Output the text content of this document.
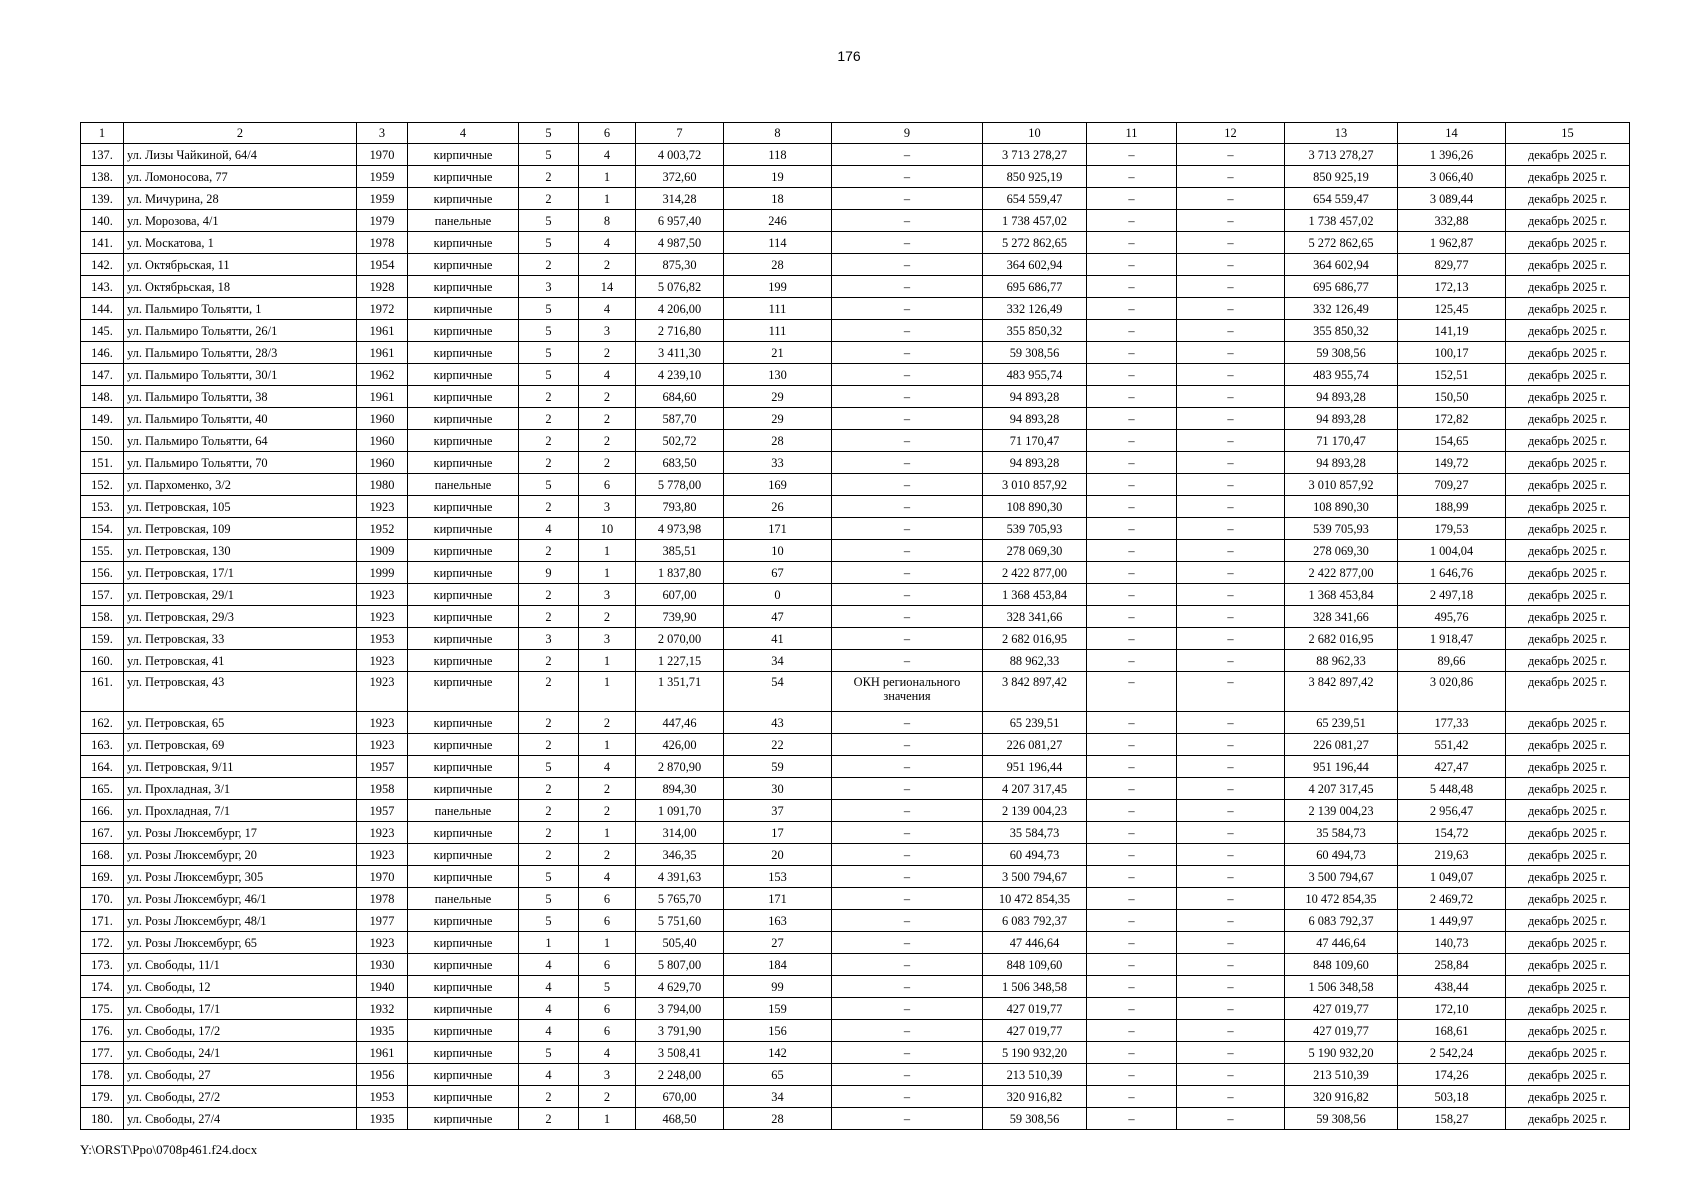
176
1	2	3	4	5	6	7	8	9	10	11	12	13	14	15
137.	ул. Лизы Чайкиной, 64/4	1970	кирпичные	5	4	4 003,72	118	–	3 713 278,27	–	–	3 713 278,27	1 396,26	декабрь 2025 г.
138.	ул. Ломоносова, 77	1959	кирпичные	2	1	372,60	19	–	850 925,19	–	–	850 925,19	3 066,40	декабрь 2025 г.
139.	ул. Мичурина, 28	1959	кирпичные	2	1	314,28	18	–	654 559,47	–	–	654 559,47	3 089,44	декабрь 2025 г.
140.	ул. Морозова, 4/1	1979	панельные	5	8	6 957,40	246	–	1 738 457,02	–	–	1 738 457,02	332,88	декабрь 2025 г.
141.	ул. Москатова, 1	1978	кирпичные	5	4	4 987,50	114	–	5 272 862,65	–	–	5 272 862,65	1 962,87	декабрь 2025 г.
142.	ул. Октябрьская, 11	1954	кирпичные	2	2	875,30	28	–	364 602,94	–	–	364 602,94	829,77	декабрь 2025 г.
143.	ул. Октябрьская, 18	1928	кирпичные	3	14	5 076,82	199	–	695 686,77	–	–	695 686,77	172,13	декабрь 2025 г.
144.	ул. Пальмиро Тольятти, 1	1972	кирпичные	5	4	4 206,00	111	–	332 126,49	–	–	332 126,49	125,45	декабрь 2025 г.
145.	ул. Пальмиро Тольятти, 26/1	1961	кирпичные	5	3	2 716,80	111	–	355 850,32	–	–	355 850,32	141,19	декабрь 2025 г.
146.	ул. Пальмиро Тольятти, 28/3	1961	кирпичные	5	2	3 411,30	21	–	59 308,56	–	–	59 308,56	100,17	декабрь 2025 г.
147.	ул. Пальмиро Тольятти, 30/1	1962	кирпичные	5	4	4 239,10	130	–	483 955,74	–	–	483 955,74	152,51	декабрь 2025 г.
148.	ул. Пальмиро Тольятти, 38	1961	кирпичные	2	2	684,60	29	–	94 893,28	–	–	94 893,28	150,50	декабрь 2025 г.
149.	ул. Пальмиро Тольятти, 40	1960	кирпичные	2	2	587,70	29	–	94 893,28	–	–	94 893,28	172,82	декабрь 2025 г.
150.	ул. Пальмиро Тольятти, 64	1960	кирпичные	2	2	502,72	28	–	71 170,47	–	–	71 170,47	154,65	декабрь 2025 г.
151.	ул. Пальмиро Тольятти, 70	1960	кирпичные	2	2	683,50	33	–	94 893,28	–	–	94 893,28	149,72	декабрь 2025 г.
152.	ул. Пархоменко, 3/2	1980	панельные	5	6	5 778,00	169	–	3 010 857,92	–	–	3 010 857,92	709,27	декабрь 2025 г.
153.	ул. Петровская, 105	1923	кирпичные	2	3	793,80	26	–	108 890,30	–	–	108 890,30	188,99	декабрь 2025 г.
154.	ул. Петровская, 109	1952	кирпичные	4	10	4 973,98	171	–	539 705,93	–	–	539 705,93	179,53	декабрь 2025 г.
155.	ул. Петровская, 130	1909	кирпичные	2	1	385,51	10	–	278 069,30	–	–	278 069,30	1 004,04	декабрь 2025 г.
156.	ул. Петровская, 17/1	1999	кирпичные	9	1	1 837,80	67	–	2 422 877,00	–	–	2 422 877,00	1 646,76	декабрь 2025 г.
157.	ул. Петровская, 29/1	1923	кирпичные	2	3	607,00	0	–	1 368 453,84	–	–	1 368 453,84	2 497,18	декабрь 2025 г.
158.	ул. Петровская, 29/3	1923	кирпичные	2	2	739,90	47	–	328 341,66	–	–	328 341,66	495,76	декабрь 2025 г.
159.	ул. Петровская, 33	1953	кирпичные	3	3	2 070,00	41	–	2 682 016,95	–	–	2 682 016,95	1 918,47	декабрь 2025 г.
160.	ул. Петровская, 41	1923	кирпичные	2	1	1 227,15	34	–	88 962,33	–	–	88 962,33	89,66	декабрь 2025 г.
161.	ул. Петровская, 43	1923	кирпичные	2	1	1 351,71	54	ОКН регионального значения	3 842 897,42	–	–	3 842 897,42	3 020,86	декабрь 2025 г.
162.	ул. Петровская, 65	1923	кирпичные	2	2	447,46	43	–	65 239,51	–	–	65 239,51	177,33	декабрь 2025 г.
163.	ул. Петровская, 69	1923	кирпичные	2	1	426,00	22	–	226 081,27	–	–	226 081,27	551,42	декабрь 2025 г.
164.	ул. Петровская, 9/11	1957	кирпичные	5	4	2 870,90	59	–	951 196,44	–	–	951 196,44	427,47	декабрь 2025 г.
165.	ул. Прохладная, 3/1	1958	кирпичные	2	2	894,30	30	–	4 207 317,45	–	–	4 207 317,45	5 448,48	декабрь 2025 г.
166.	ул. Прохладная, 7/1	1957	панельные	2	2	1 091,70	37	–	2 139 004,23	–	–	2 139 004,23	2 956,47	декабрь 2025 г.
167.	ул. Розы Люксембург, 17	1923	кирпичные	2	1	314,00	17	–	35 584,73	–	–	35 584,73	154,72	декабрь 2025 г.
168.	ул. Розы Люксембург, 20	1923	кирпичные	2	2	346,35	20	–	60 494,73	–	–	60 494,73	219,63	декабрь 2025 г.
169.	ул. Розы Люксембург, 305	1970	кирпичные	5	4	4 391,63	153	–	3 500 794,67	–	–	3 500 794,67	1 049,07	декабрь 2025 г.
170.	ул. Розы Люксембург, 46/1	1978	панельные	5	6	5 765,70	171	–	10 472 854,35	–	–	10 472 854,35	2 469,72	декабрь 2025 г.
171.	ул. Розы Люксембург, 48/1	1977	кирпичные	5	6	5 751,60	163	–	6 083 792,37	–	–	6 083 792,37	1 449,97	декабрь 2025 г.
172.	ул. Розы Люксембург, 65	1923	кирпичные	1	1	505,40	27	–	47 446,64	–	–	47 446,64	140,73	декабрь 2025 г.
173.	ул. Свободы, 11/1	1930	кирпичные	4	6	5 807,00	184	–	848 109,60	–	–	848 109,60	258,84	декабрь 2025 г.
174.	ул. Свободы, 12	1940	кирпичные	4	5	4 629,70	99	–	1 506 348,58	–	–	1 506 348,58	438,44	декабрь 2025 г.
175.	ул. Свободы, 17/1	1932	кирпичные	4	6	3 794,00	159	–	427 019,77	–	–	427 019,77	172,10	декабрь 2025 г.
176.	ул. Свободы, 17/2	1935	кирпичные	4	6	3 791,90	156	–	427 019,77	–	–	427 019,77	168,61	декабрь 2025 г.
177.	ул. Свободы, 24/1	1961	кирпичные	5	4	3 508,41	142	–	5 190 932,20	–	–	5 190 932,20	2 542,24	декабрь 2025 г.
178.	ул. Свободы, 27	1956	кирпичные	4	3	2 248,00	65	–	213 510,39	–	–	213 510,39	174,26	декабрь 2025 г.
179.	ул. Свободы, 27/2	1953	кирпичные	2	2	670,00	34	–	320 916,82	–	–	320 916,82	503,18	декабрь 2025 г.
180.	ул. Свободы, 27/4	1935	кирпичные	2	1	468,50	28	–	59 308,56	–	–	59 308,56	158,27	декабрь 2025 г.
Y:\ORST\Ppo\0708p461.f24.docx
